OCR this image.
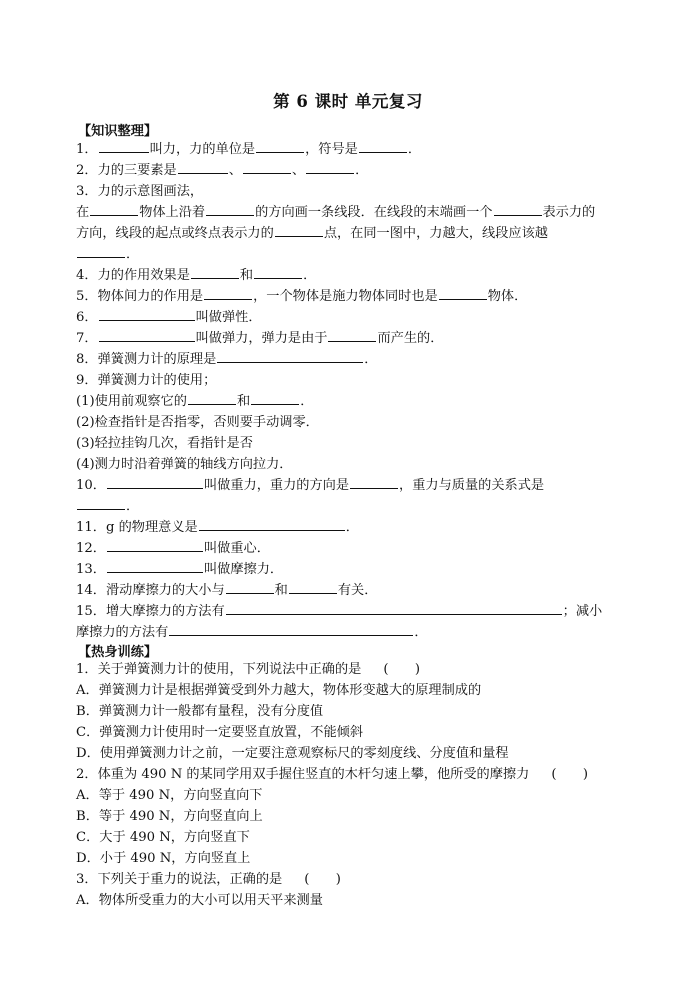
第 6 课时 单元复习
【知识整理】
1．	叫力，力的单位是	，符号是	．
2．力的三要素是	、	、	．
3．力的示意图画法，
在	物体上沿着	的方向画一条线段．在线段的末端画一个	表示力的
方向，线段的起点或终点表示力的	点，在同一图中，力越大，线段应该越
．
4．力的作用效果是	和	．
5．物体间力的作用是	，一个物体是施力物体同时也是	物体．
6．	叫做弹性．
7．	叫做弹力，弹力是由于	而产生的．
8．弹簧测力计的原理是	．
9．弹簧测力计的使用；
(1)使用前观察它的	和	．
(2)检查指针是否指零，否则要手动调零．
(3)轻拉挂钩几次，看指针是否
(4)测力时沿着弹簧的轴线方向拉力．
10．	叫做重力，重力的方向是	，重力与质量的关系式是
．
11．g 的物理意义是	．
12．	叫做重心．
13．	叫做摩擦力．
14．滑动摩擦力的大小与	和	有关．
15．增大摩擦力的方法有	；减小
摩擦力的方法有	．
【热身训练】
1．关于弹簧测力计的使用，下列说法中正确的是 (　　)
A．弹簧测力计是根据弹簧受到外力越大，物体形变越大的原理制成的
B．弹簧测力计一般都有量程，没有分度值
C．弹簧测力计使用时一定要竖直放置，不能倾斜
D．使用弹簧测力计之前，一定要注意观察标尺的零刻度线、分度值和量程
2．体重为 490 N 的某同学用双手握住竖直的木杆匀速上攀，他所受的摩擦力 (　　)
A．等于 490 N，方向竖直向下
B．等于 490 N，方向竖直向上
C．大于 490 N，方向竖直下
D．小于 490 N，方向竖直上
3．下列关于重力的说法，正确的是 (　　)
A．物体所受重力的大小可以用天平来测量
